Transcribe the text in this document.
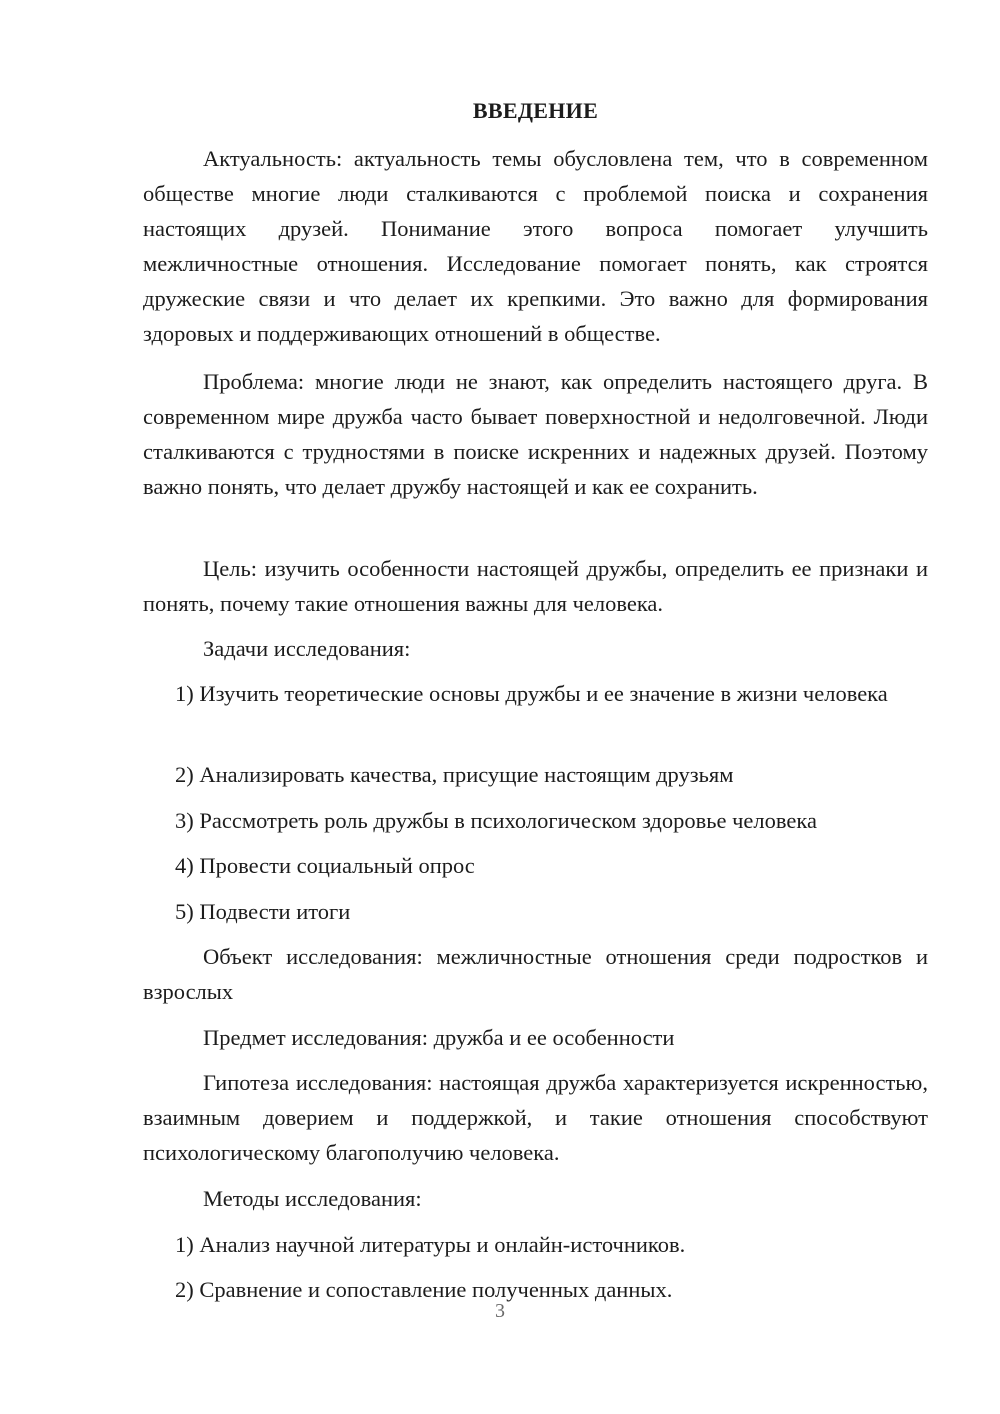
ВВЕДЕНИЕ

Актуальность: актуальность темы обусловлена тем, что в современном обществе многие люди сталкиваются с проблемой поиска и сохранения настоящих друзей. Понимание этого вопроса помогает улучшить межличностные отношения. Исследование помогает понять, как строятся дружеские связи и что делает их крепкими. Это важно для формирования здоровых и поддерживающих отношений в обществе.

Проблема: многие люди не знают, как определить настоящего друга. В современном мире дружба часто бывает поверхностной и недолговечной. Люди сталкиваются с трудностями в поиске искренних и надежных друзей. Поэтому важно понять, что делает дружбу настоящей и как ее сохранить.

Цель: изучить особенности настоящей дружбы, определить ее признаки и понять, почему такие отношения важны для человека.

Задачи исследования:

1) Изучить теоретические основы дружбы и ее значение в жизни человека

2) Анализировать качества, присущие настоящим друзьям

3) Рассмотреть роль дружбы в психологическом здоровье человека

4) Провести социальный опрос

5) Подвести итоги

Объект исследования: межличностные отношения среди подростков и взрослых

Предмет исследования: дружба и ее особенности

Гипотеза исследования: настоящая дружба характеризуется искренностью, взаимным доверием и поддержкой, и такие отношения способствуют психологическому благополучию человека.

Методы исследования:

1) Анализ научной литературы и онлайн-источников.

2) Сравнение и сопоставление полученных данных.

3
